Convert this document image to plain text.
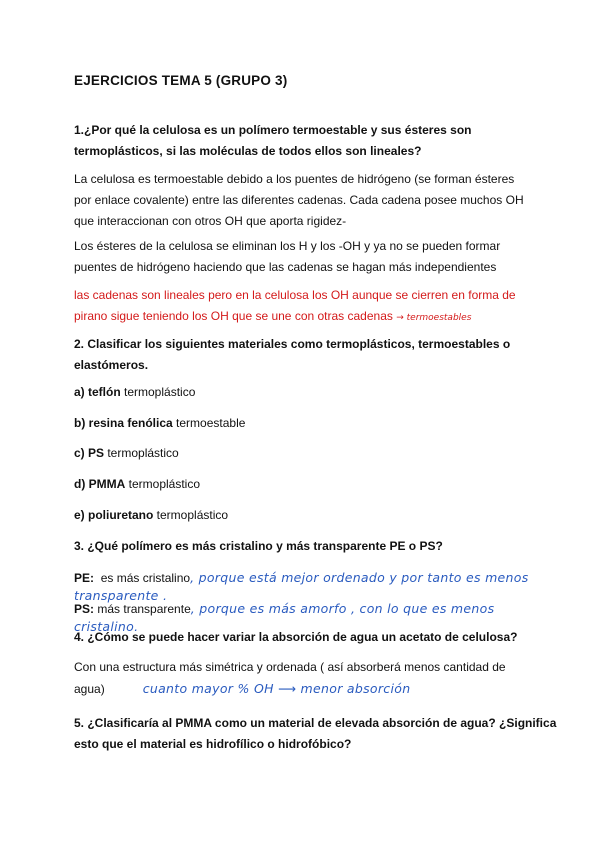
EJERCICIOS TEMA 5 (GRUPO 3)
1.¿Por qué la celulosa es un polímero termoestable y sus ésteres son
termoplásticos, si las moléculas de todos ellos son lineales?
La celulosa es termoestable debido a los puentes de hidrógeno (se forman ésteres
por enlace covalente) entre las diferentes cadenas. Cada cadena posee muchos OH
que interaccionan con otros OH que aporta rigidez-
Los ésteres de la celulosa se eliminan los H y los -OH y ya no se pueden formar
puentes de hidrógeno haciendo que las cadenas se hagan más independientes
las cadenas son lineales pero en la celulosa los OH aunque se cierren en forma de
pirano sigue teniendo los OH que se une con otras cadenas → termoestables
2. Clasificar los siguientes materiales como termoplásticos, termoestables o
elastómeros.
a) teflón termoplástico
b) resina fenólica termoestable
c) PS termoplástico
d) PMMA termoplástico
e) poliuretano termoplástico
3. ¿Qué polímero es más cristalino y más transparente PE o PS?
PE: es más cristalino, porque está mejor ordenado y por tanto es menos
transparente .
PS: más transparente, porque es más amorfo , con lo que es menos
cristalino.
4. ¿Cómo se puede hacer variar la absorción de agua un acetato de celulosa?
Con una estructura más simétrica y ordenada ( así absorberá menos cantidad de
agua)	cuanto mayor % OH ⟶ menor absorción
5. ¿Clasificaría al PMMA como un material de elevada absorción de agua? ¿Significa
esto que el material es hidrofílico o hidrofóbico?
